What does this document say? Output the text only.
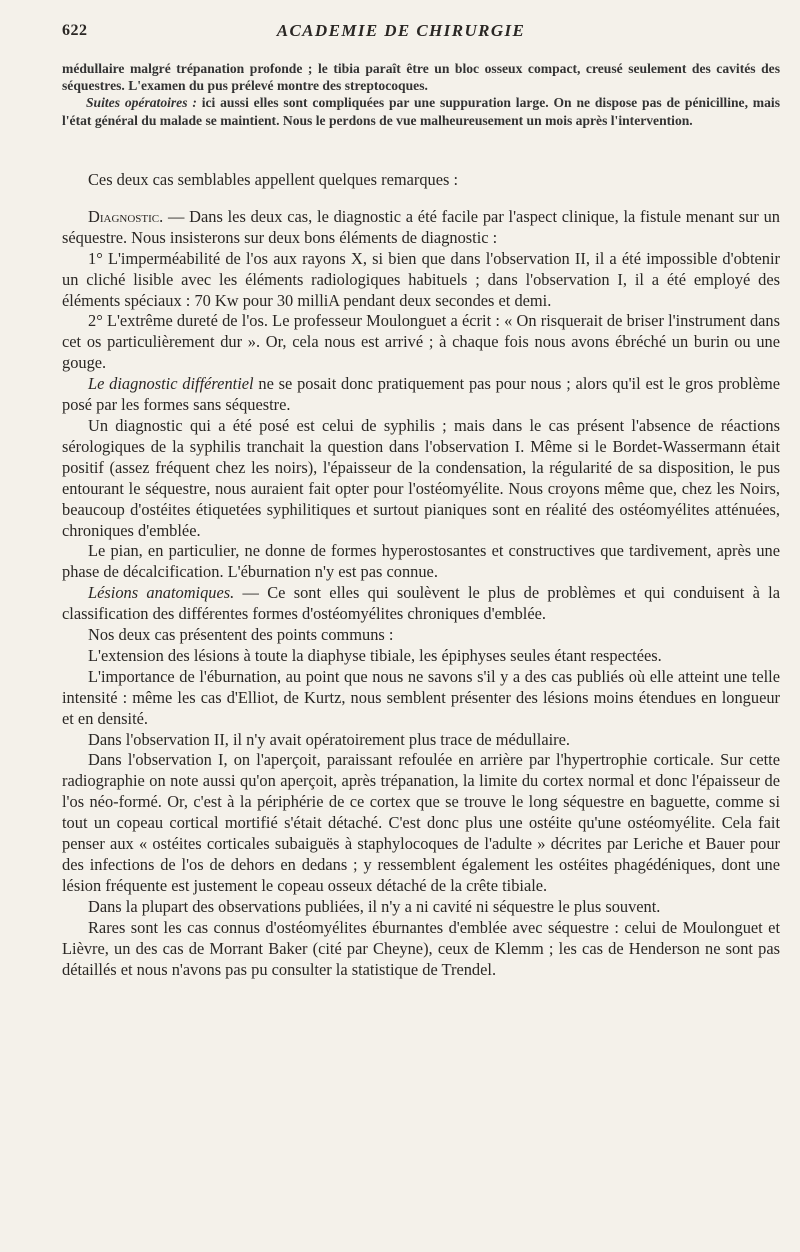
622	ACADEMIE DE CHIRURGIE

médullaire malgré trépanation profonde ; le tibia paraît être un bloc osseux compact, creusé seulement des cavités des séquestres. L'examen du pus prélevé montre des streptocoques.

Suites opératoires : ici aussi elles sont compliquées par une suppuration large. On ne dispose pas de pénicilline, mais l'état général du malade se maintient. Nous le perdons de vue malheureusement un mois après l'intervention.

Ces deux cas semblables appellent quelques remarques :

Diagnostic. — Dans les deux cas, le diagnostic a été facile par l'aspect clinique, la fistule menant sur un séquestre. Nous insisterons sur deux bons éléments de diagnostic :

1° L'imperméabilité de l'os aux rayons X, si bien que dans l'observation II, il a été impossible d'obtenir un cliché lisible avec les éléments radiologiques habituels ; dans l'observation I, il a été employé des éléments spéciaux : 70 Kw pour 30 milliA pendant deux secondes et demi.

2° L'extrême dureté de l'os. Le professeur Moulonguet a écrit : « On risquerait de briser l'instrument dans cet os particulièrement dur ». Or, cela nous est arrivé ; à chaque fois nous avons ébréché un burin ou une gouge.

Le diagnostic différentiel ne se posait donc pratiquement pas pour nous ; alors qu'il est le gros problème posé par les formes sans séquestre.

Un diagnostic qui a été posé est celui de syphilis ; mais dans le cas présent l'absence de réactions sérologiques de la syphilis tranchait la question dans l'observation I. Même si le Bordet-Wassermann était positif (assez fréquent chez les noirs), l'épaisseur de la condensation, la régularité de sa disposition, le pus entourant le séquestre, nous auraient fait opter pour l'ostéomyélite. Nous croyons même que, chez les Noirs, beaucoup d'ostéites étiquetées syphilitiques et surtout pianiques sont en réalité des ostéomyélites atténuées, chroniques d'emblée.

Le pian, en particulier, ne donne de formes hyperostosantes et constructives que tardivement, après une phase de décalcification. L'éburnation n'y est pas connue.

Lésions anatomiques. — Ce sont elles qui soulèvent le plus de problèmes et qui conduisent à la classification des différentes formes d'ostéomyélites chroniques d'emblée.

Nos deux cas présentent des points communs :

L'extension des lésions à toute la diaphyse tibiale, les épiphyses seules étant respectées.

L'importance de l'éburnation, au point que nous ne savons s'il y a des cas publiés où elle atteint une telle intensité : même les cas d'Elliot, de Kurtz, nous semblent présenter des lésions moins étendues en longueur et en densité.

Dans l'observation II, il n'y avait opératoirement plus trace de médullaire.

Dans l'observation I, on l'aperçoit, paraissant refoulée en arrière par l'hypertrophie corticale. Sur cette radiographie on note aussi qu'on aperçoit, après trépanation, la limite du cortex normal et donc l'épaisseur de l'os néo-formé. Or, c'est à la périphérie de ce cortex que se trouve le long séquestre en baguette, comme si tout un copeau cortical mortifié s'était détaché. C'est donc plus une ostéite qu'une ostéomyélite. Cela fait penser aux « ostéites corticales subaiguës à staphylocoques de l'adulte » décrites par Leriche et Bauer pour des infections de l'os de dehors en dedans ; y ressemblent également les ostéites phagédéniques, dont une lésion fréquente est justement le copeau osseux détaché de la crête tibiale.

Dans la plupart des observations publiées, il n'y a ni cavité ni séquestre le plus souvent.

Rares sont les cas connus d'ostéomyélites éburnantes d'emblée avec séquestre : celui de Moulonguet et Lièvre, un des cas de Morrant Baker (cité par Cheyne), ceux de Klemm ; les cas de Henderson ne sont pas détaillés et nous n'avons pas pu consulter la statistique de Trendel.
